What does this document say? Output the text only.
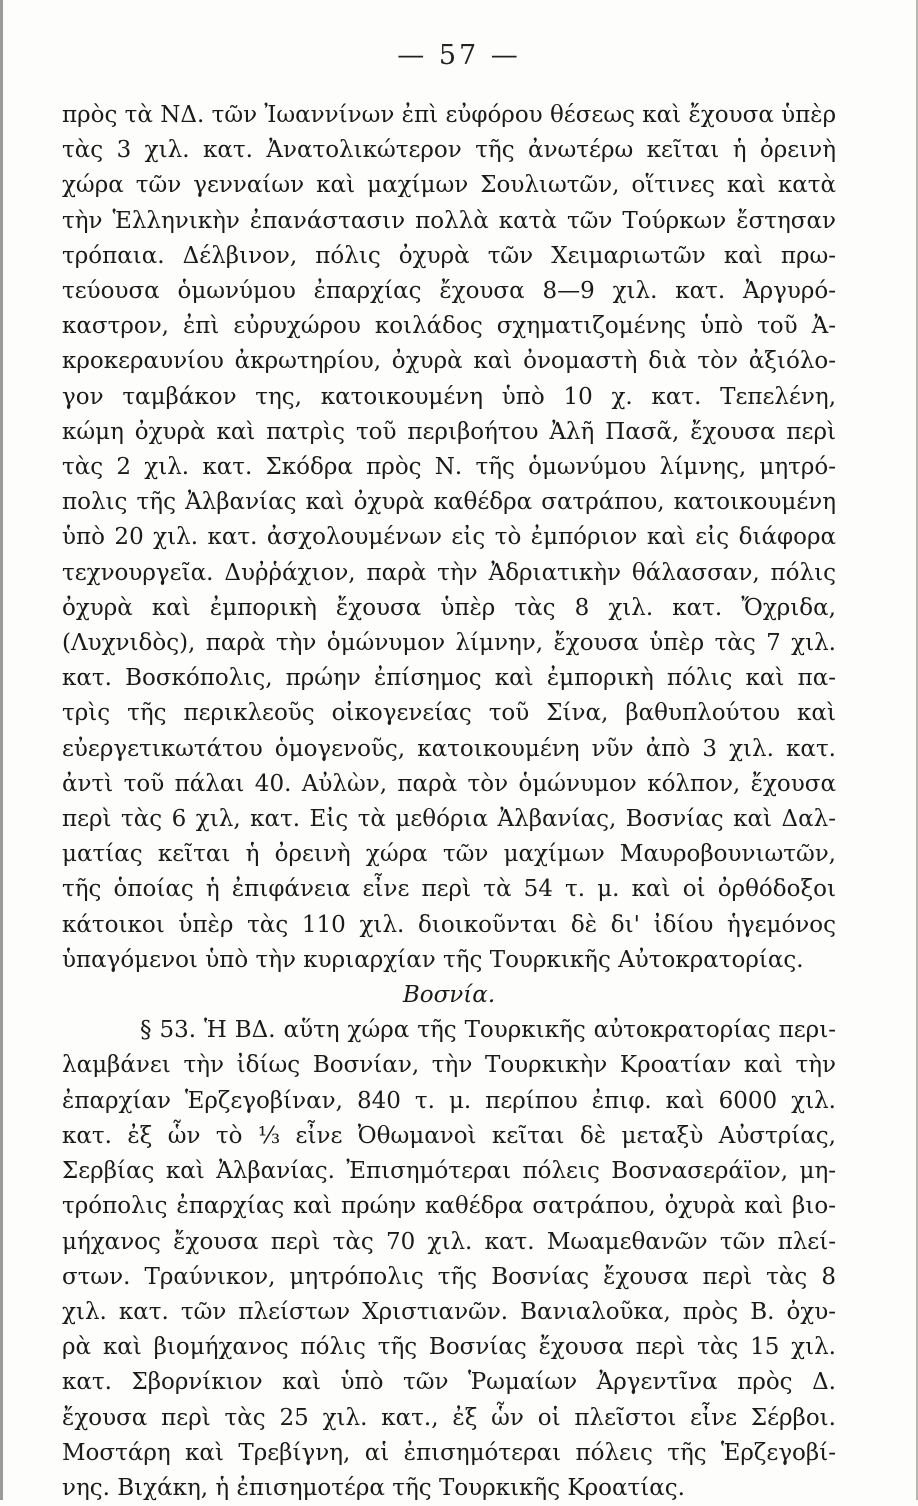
— 57 —
πρὸς τὰ ΝΔ. τῶν Ἰωαννίνων ἐπὶ εὐφόρου θέσεως καὶ ἔχουσα ὑπὲρ
τὰς 3 χιλ. κατ. Ἀνατολικώτερον τῆς ἀνωτέρω κεῖται ἡ ὀρεινὴ
χώρα τῶν γενναίων καὶ μαχίμων Σουλιωτῶν, οἵτινες καὶ κατὰ
τὴν Ἑλληνικὴν ἐπανάστασιν πολλὰ κατὰ τῶν Τούρκων ἔστησαν
τρόπαια. Δέλβινον, πόλις ὀχυρὰ τῶν Χειμαριωτῶν καὶ πρω-
τεύουσα ὁμωνύμου ἐπαρχίας ἔχουσα 8—9 χιλ. κατ. Ἀργυρό-
καστρον, ἐπὶ εὐρυχώρου κοιλάδος σχηματιζομένης ὑπὸ τοῦ Ἀ-
κροκεραυνίου ἀκρωτηρίου, ὀχυρὰ καὶ ὀνομαστὴ διὰ τὸν ἀξιόλο-
γον ταμβάκον της, κατοικουμένη ὑπὸ 10 χ. κατ. Τεπελένη,
κώμη ὀχυρὰ καὶ πατρὶς τοῦ περιβοήτου Ἀλῆ Πασᾶ, ἔχουσα περὶ
τὰς 2 χιλ. κατ. Σκόδρα πρὸς Ν. τῆς ὁμωνύμου λίμνης, μητρό-
πολις τῆς Ἀλβανίας καὶ ὀχυρὰ καθέδρα σατράπου, κατοικουμένη
ὑπὸ 20 χιλ. κατ. ἀσχολουμένων εἰς τὸ ἐμπόριον καὶ εἰς διάφορα
τεχνουργεῖα. Δυῤῥάχιον, παρὰ τὴν Ἀδριατικὴν θάλασσαν, πόλις
ὀχυρὰ καὶ ἐμπορικὴ ἔχουσα ὑπὲρ τὰς 8 χιλ. κατ. Ὄχριδα,
(Λυχνιδὸς), παρὰ τὴν ὁμώνυμον λίμνην, ἔχουσα ὑπὲρ τὰς 7 χιλ.
κατ. Βοσκόπολις, πρώην ἐπίσημος καὶ ἐμπορικὴ πόλις καὶ πα-
τρὶς τῆς περικλεοῦς οἰκογενείας τοῦ Σίνα, βαθυπλούτου καὶ
εὐεργετικωτάτου ὁμογενοῦς, κατοικουμένη νῦν ἀπὸ 3 χιλ. κατ.
ἀντὶ τοῦ πάλαι 40. Αὐλὼν, παρὰ τὸν ὁμώνυμον κόλπον, ἔχουσα
περὶ τὰς 6 χιλ, κατ. Εἰς τὰ μεθόρια Ἀλβανίας, Βοσνίας καὶ Δαλ-
ματίας κεῖται ἡ ὀρεινὴ χώρα τῶν μαχίμων Μαυροβουνιωτῶν,
τῆς ὁποίας ἡ ἐπιφάνεια εἶνε περὶ τὰ 54 τ. μ. καὶ οἱ ὀρθόδοξοι
κάτοικοι ὑπὲρ τὰς 110 χιλ. διοικοῦνται δὲ δι' ἰδίου ἡγεμόνος
ὑπαγόμενοι ὑπὸ τὴν κυριαρχίαν τῆς Τουρκικῆς Αὐτοκρατορίας.
Βοσνία.
§ 53. Ἡ ΒΔ. αὕτη χώρα τῆς Τουρκικῆς αὐτοκρατορίας περι-
λαμβάνει τὴν ἰδίως Βοσνίαν, τὴν Τουρκικὴν Κροατίαν καὶ τὴν
ἐπαρχίαν Ἑρζεγοβίναν, 840 τ. μ. περίπου ἐπιφ. καὶ 6000 χιλ.
κατ. ἐξ ὧν τὸ ⅓ εἶνε Ὀθωμανοὶ κεῖται δὲ μεταξὺ Αὐστρίας,
Σερβίας καὶ Ἀλβανίας. Ἐπισημότεραι πόλεις Βοσνασεράϊον, μη-
τρόπολις ἐπαρχίας καὶ πρώην καθέδρα σατράπου, ὀχυρὰ καὶ βιο-
μήχανος ἔχουσα περὶ τὰς 70 χιλ. κατ. Μωαμεθανῶν τῶν πλεί-
στων. Τραύνικον, μητρόπολις τῆς Βοσνίας ἔχουσα περὶ τὰς 8
χιλ. κατ. τῶν πλείστων Χριστιανῶν. Βανιαλοῦκα, πρὸς Β. ὀχυ-
ρὰ καὶ βιομήχανος πόλις τῆς Βοσνίας ἔχουσα περὶ τὰς 15 χιλ.
κατ. Σβορνίκιον καὶ ὑπὸ τῶν Ῥωμαίων Ἀργεντῖνα πρὸς Δ.
ἔχουσα περὶ τὰς 25 χιλ. κατ., ἐξ ὧν οἱ πλεῖστοι εἶνε Σέρβοι.
Μοστάρη καὶ Τρεβίγνη, αἱ ἐπισημότεραι πόλεις τῆς Ἑρζεγοβί-
νης. Βιχάκη, ἡ ἐπισημοτέρα τῆς Τουρκικῆς Κροατίας.
